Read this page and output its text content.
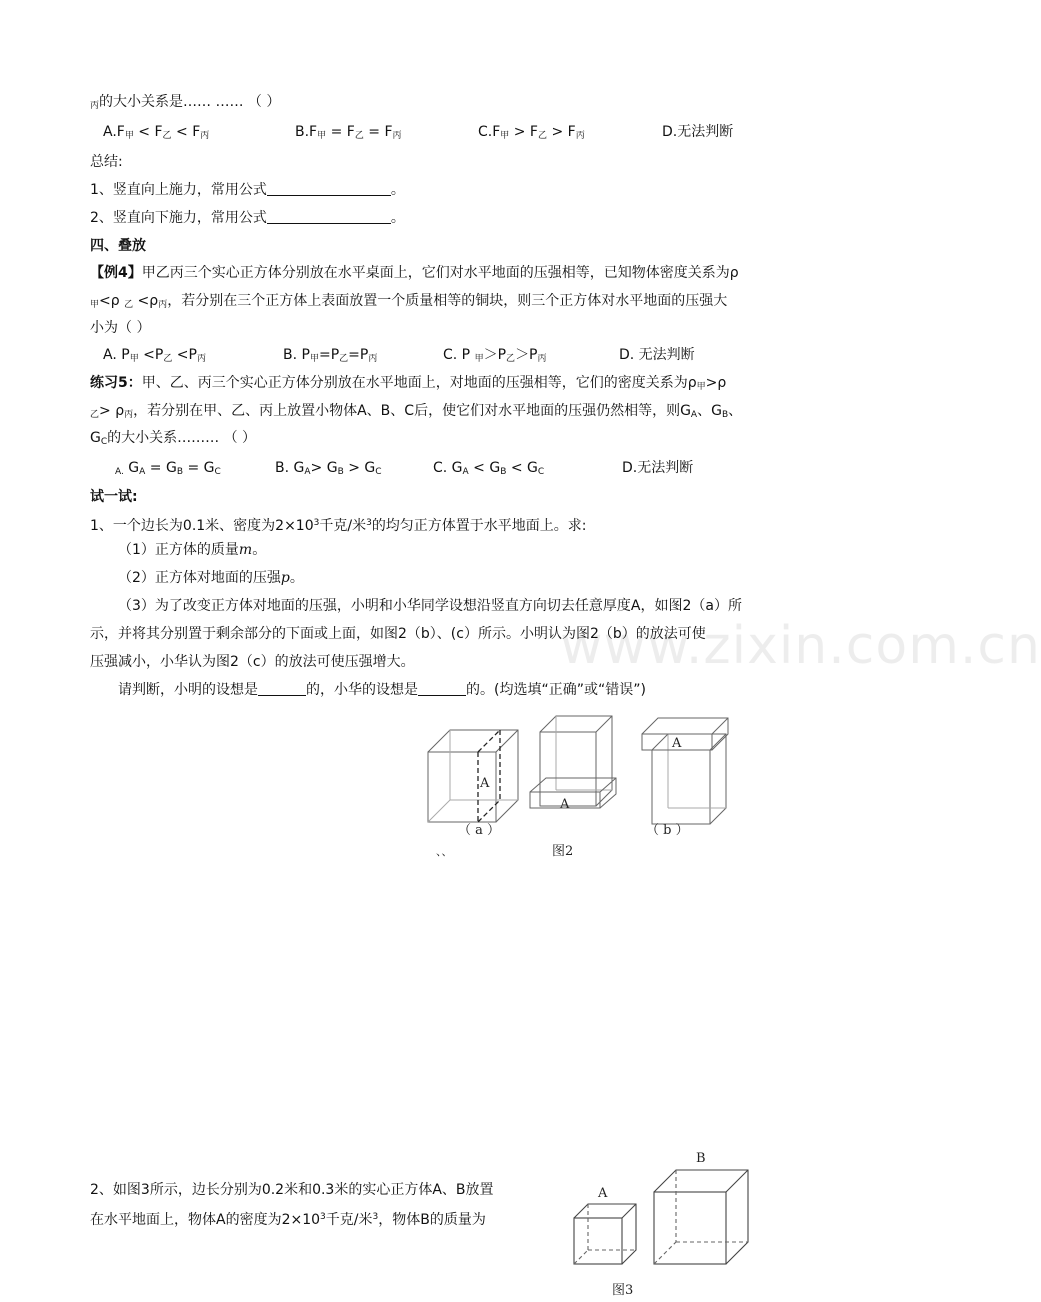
$_丙$的大小关系是…… …… （ ）
$A.F_甲 < F_乙 < F_丙$	$B.F_甲 = F_乙 = F_丙$	$C.F_甲 > F_乙 > F_丙$	D.无法判断
总结:
1、竖直向上施力，常用公式	。
2、竖直向下施力，常用公式	。
四、叠放
【例4】甲乙丙三个实心正方体分别放在水平桌面上，它们对水平地面的压强相等，已知物体密度关系为ρ
$_甲$<ρ $_乙 <\rho_丙$，若分别在三个正方体上表面放置一个质量相等的铜块，则三个正方体对水平地面的压强大
小为（ ）
A. $P_甲 <P_乙 <P_丙$	B. $P_甲=P_乙=P_丙$	C. P $_甲>P_乙>P_丙$	D. 无法判断
练习5：甲、乙、丙三个实心正方体分别放在水平地面上，对地面的压强相等，它们的密度关系为$\rho_甲>\rho$
$_乙> \rho_丙$，若分别在甲、乙、丙上放置小物体A、B、C后，使它们对水平地面的压强仍然相等，则$G_A$、$G_B$、
$G_C$的大小关系……… （ ）
$_{A.}$ $G_A = G_B = G_C$	B. $G_A> G_B > G_C$	C. $G_A < G_B < G_C$	D.无法判断
试一试:
1、一个边长为0.1米、密度为$2\times 10^3$千克/米$^3$的均匀正方体置于水平地面上。求:
（1）正方体的质量m。
（2）正方体对地面的压强p。
（3）为了改变正方体对地面的压强，小明和小华同学设想沿竖直方向切去任意厚度A，如图2（a）所
示，并将其分别置于剩余部分的下面或上面，如图2（b）、(c）所示。小明认为图2（b）的放法可使
压强减小，小华认为图2（c）的放法可使压强增大。
请判断，小明的设想是	的，小华的设想是	的。(均选填“正确”或“错误”)
www.zixin.com.cn
A
A
A
（ a ）	（ b ）
、、	图2
2、如图3所示，边长分别为0.2米和0.3米的实心正方体A、B放置
在水平地面上，物体A的密度为$2\times 10^3$千克/米$^3$，物体B的质量为
A
B
图3
